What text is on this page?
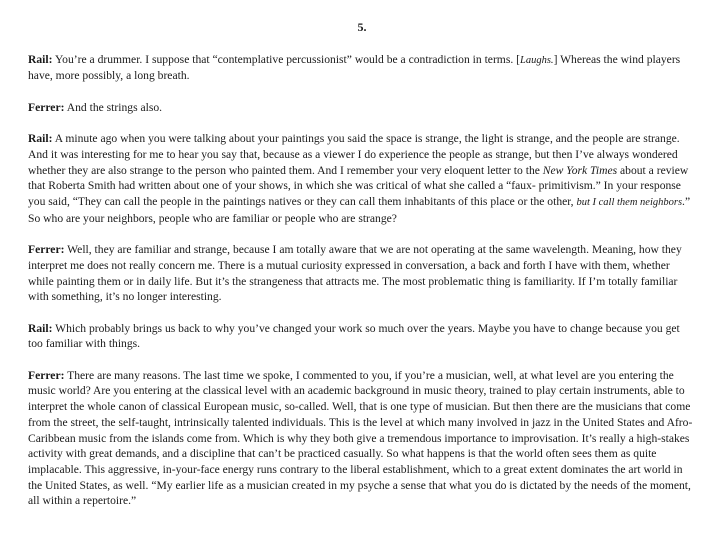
5.

Rail: You’re a drummer. I suppose that “contemplative percussionist” would be a contradiction in terms. [Laughs.] Whereas the wind players have, more possibly, a long breath.

Ferrer: And the strings also.

Rail: A minute ago when you were talking about your paintings you said the space is strange, the light is strange, and the people are strange. And it was interesting for me to hear you say that, because as a viewer I do experience the people as strange, but then I’ve always wondered whether they are also strange to the person who painted them. And I remember your very eloquent letter to the New York Times about a review that Roberta Smith had written about one of your shows, in which she was critical of what she called a “faux- primitivism.” In your response you said, “They can call the people in the paintings natives or they can call them inhabitants of this place or the other, but I call them neighbors.” So who are your neighbors, people who are familiar or people who are strange?

Ferrer: Well, they are familiar and strange, because I am totally aware that we are not operating at the same wavelength. Meaning, how they interpret me does not really concern me. There is a mutual curiosity expressed in conversation, a back and forth I have with them, whether while painting them or in daily life. But it’s the strangeness that attracts me. The most problematic thing is familiarity. If I’m totally familiar with something, it’s no longer interesting.

Rail: Which probably brings us back to why you’ve changed your work so much over the years. Maybe you have to change because you get too familiar with things.

Ferrer: There are many reasons. The last time we spoke, I commented to you, if you’re a musician, well, at what level are you entering the music world? Are you entering at the classical level with an academic background in music theory, trained to play certain instruments, able to interpret the whole canon of classical European music, so-called. Well, that is one type of musician. But then there are the musicians that come from the street, the self-taught, intrinsically talented individuals. This is the level at which many involved in jazz in the United States and Afro-Caribbean music from the islands come from. Which is why they both give a tremendous importance to improvisation. It’s really a high-stakes activity with great demands, and a discipline that can’t be practiced casually. So what happens is that the world often sees them as quite implacable. This aggressive, in-your-face energy runs contrary to the liberal establishment, which to a great extent dominates the art world in the United States, as well. “My earlier life as a musician created in my psyche a sense that what you do is dictated by the needs of the moment, all within a repertoire.”
